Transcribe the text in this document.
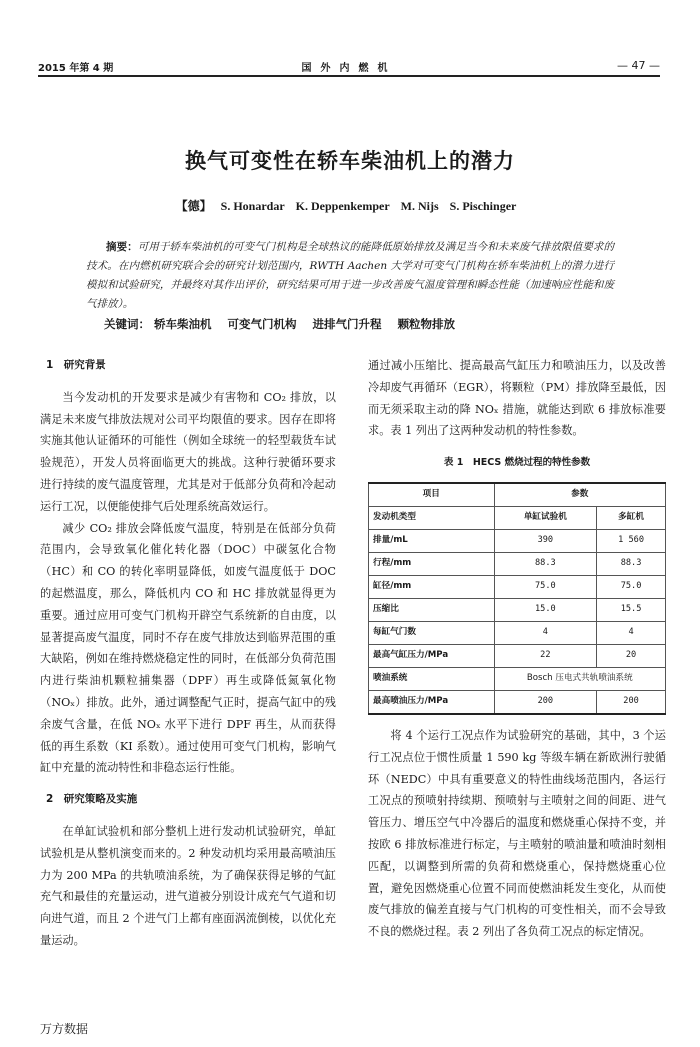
2015 年第 4 期	国外内燃机	— 47 —
换气可变性在轿车柴油机上的潜力
【德】 S. Honardar K. Deppenkemper M. Nijs S. Pischinger
摘要：可用于轿车柴油机的可变气门机构是全球热议的能降低原始排放及满足当今和未来废气排放限值要求的技术。在内燃机研究联合会的研究计划范围内，RWTH Aachen 大学对可变气门机构在轿车柴油机上的潜力进行模拟和试验研究，并最终对其作出评价，研究结果可用于进一步改善废气温度管理和瞬态性能（加速响应性能和废气排放）。
关键词： 轿车柴油机 可变气门机构 进排气门升程 颗粒物排放
1　研究背景

当今发动机的开发要求是减少有害物和 CO₂ 排放，以满足未来废气排放法规对公司平均限值的要求。因存在即将实施其他认证循环的可能性（例如全球统一的轻型载货车试验规范），开发人员将面临更大的挑战。这种行驶循环要求进行持续的废气温度管理，尤其是对于低部分负荷和冷起动运行工况，以便能使排气后处理系统高效运行。

减少 CO₂ 排放会降低废气温度，特别是在低部分负荷范围内，会导致氧化催化转化器（DOC）中碳氢化合物（HC）和 CO 的转化率明显降低，如废气温度低于 DOC 的起燃温度，那么，降低机内 CO 和 HC 排放就显得更为重要。通过应用可变气门机构开辟空气系统新的自由度，以显著提高废气温度，同时不存在废气排放达到临界范围的重大缺陷，例如在维持燃烧稳定性的同时，在低部分负荷范围内进行柴油机颗粒捕集器（DPF）再生或降低氮氧化物（NOₓ）排放。此外，通过调整配气正时，提高气缸中的残余废气含量，在低 NOₓ 水平下进行 DPF 再生，从而获得低的再生系数（KI 系数）。通过使用可变气门机构，影响气缸中充量的流动特性和非稳态运行性能。

2　研究策略及实施

在单缸试验机和部分整机上进行发动机试验研究，单缸试验机是从整机演变而来的。2 种发动机均采用最高喷油压力为 200 MPa 的共轨喷油系统，为了确保获得足够的气缸充气和最佳的充量运动，进气道被分别设计成充气气道和切向进气道，而且 2 个进气门上都有座面涡流倒棱，以优化充量运动。

通过减小压缩比、提高最高气缸压力和喷油压力，以及改善冷却废气再循环（EGR），将颗粒（PM）排放降至最低，因而无须采取主动的降 NOₓ 措施，就能达到欧 6 排放标准要求。表 1 列出了这两种发动机的特性参数。

表 1　HECS 燃烧过程的特性参数
项目	参数	
发动机类型	单缸试验机	多缸机
排量/mL	390	1 560
行程/mm	88.3	88.3
缸径/mm	75.0	75.0
压缩比	15.0	15.5
每缸气门数	4	4
最高气缸压力/MPa	22	20
喷油系统	Bosch 压电式共轨喷油系统	
最高喷油压力/MPa	200	200

将 4 个运行工况点作为试验研究的基础，其中，3 个运行工况点位于惯性质量 1 590 kg 等级车辆在新欧洲行驶循环（NEDC）中具有重要意义的特性曲线场范围内，各运行工况点的预喷射持续期、预喷射与主喷射之间的间距、进气管压力、增压空气中冷器后的温度和燃烧重心保持不变，并按欧 6 排放标准进行标定，与主喷射的喷油量和喷油时刻相匹配，以调整到所需的负荷和燃烧重心，保持燃烧重心位置，避免因燃烧重心位置不同而使燃油耗发生变化，从而使废气排放的偏差直接与气门机构的可变性相关，而不会导致不良的燃烧过程。表 2 列出了各负荷工况点的标定情况。

万方数据
